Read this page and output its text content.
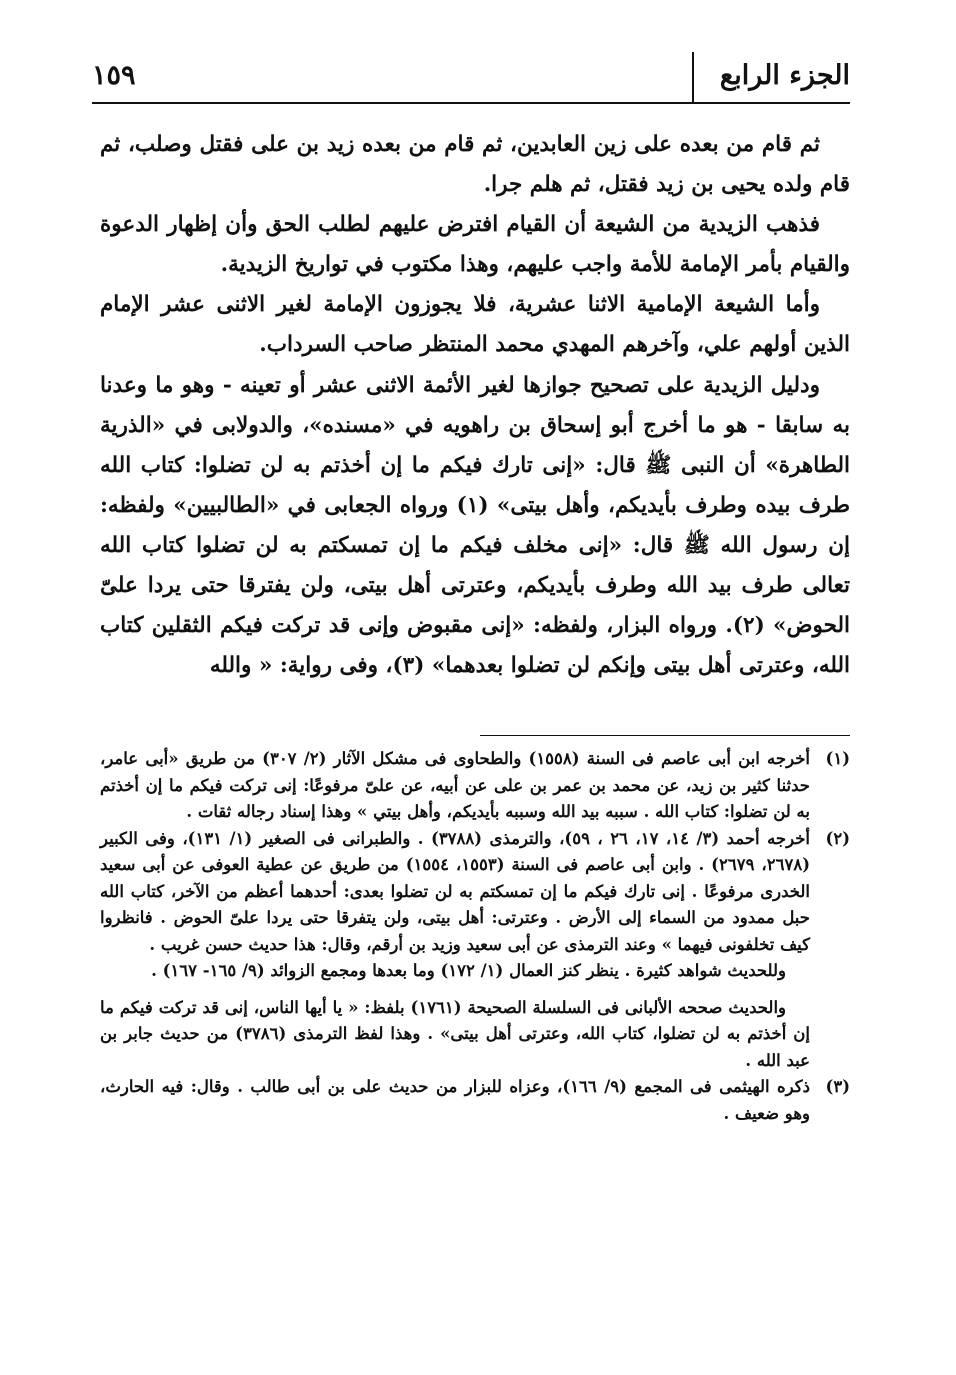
الجزء الرابع
١٥٩

ثم قام من بعده على زين العابدين، ثم قام من بعده زيد بن على فقتل وصلب، ثم قام ولده يحيى بن زيد فقتل، ثم هلم جرا.

فذهب الزيدية من الشيعة أن القيام افترض عليهم لطلب الحق وأن إظهار الدعوة والقيام بأمر الإمامة للأمة واجب عليهم، وهذا مكتوب في تواريخ الزيدية.

وأما الشيعة الإمامية الاثنا عشرية، فلا يجوزون الإمامة لغير الاثنى عشر الإمام الذين أولهم علي، وآخرهم المهدي محمد المنتظر صاحب السرداب.

ودليل الزيدية على تصحيح جوازها لغير الأئمة الاثنى عشر أو تعينه - وهو ما وعدنا به سابقا - هو ما أخرج أبو إسحاق بن راهويه في «مسنده»، والدولابى في «الذرية الطاهرة» أن النبى ﷺ قال: «إنى تارك فيكم ما إن أخذتم به لن تضلوا: كتاب الله طرف بيده وطرف بأيديكم، وأهل بيتى» (١) ورواه الجعابى في «الطالبيين» ولفظه: إن رسول الله ﷺ قال: «إنى مخلف فيكم ما إن تمسكتم به لن تضلوا كتاب الله تعالى طرف بيد الله وطرف بأيديكم، وعترتى أهل بيتى، ولن يفترقا حتى يردا علىّ الحوض» (٢). ورواه البزار، ولفظه: «إنى مقبوض وإنى قد تركت فيكم الثقلين كتاب الله، وعترتى أهل بيتى وإنكم لن تضلوا بعدهما» (٣)، وفى رواية: « والله

(١)

أخرجه ابن أبى عاصم فى السنة (١٥٥٨) والطحاوى فى مشكل الآثار (٢/ ٣٠٧) من طريق «أبى عامر، حدثنا كثير بن زيد، عن محمد بن عمر بن على عن أبيه، عن علىّ مرفوعًا: إنى تركت فيكم ما إن أخذتم به لن تضلوا: كتاب الله . سببه بيد الله وسببه بأيديكم، وأهل بيتي » وهذا إسناد رجاله ثقات .

(٢)

أخرجه أحمد (٣/ ١٤، ١٧، ٢٦ ، ٥٩)، والترمذى (٣٧٨٨) . والطبرانى فى الصغير (١/ ١٣١)، وفى الكبير (٢٦٧٨، ٢٦٧٩) . وابن أبى عاصم فى السنة (١٥٥٣، ١٥٥٤) من طريق عن عطية العوفى عن أبى سعيد الخدرى مرفوعًا . إنى تارك فيكم ما إن تمسكتم به لن تضلوا بعدى: أحدهما أعظم من الآخر، كتاب الله حبل ممدود من السماء إلى الأرض . وعترتى: أهل بيتى، ولن يتفرقا حتى يردا علىّ الحوض . فانظروا كيف تخلفونى فيهما » وعند الترمذى عن أبى سعيد وزيد بن أرقم، وقال: هذا حديث حسن غريب .

وللحديث شواهد كثيرة . ينظر كنز العمال (١/ ١٧٢) وما بعدها ومجمع الزوائد (٩/ ١٦٥- ١٦٧) .

والحديث صححه الألبانى فى السلسلة الصحيحة (١٧٦١) بلفظ: « يا أيها الناس، إنى قد تركت فيكم ما إن أخذتم به لن تضلوا، كتاب الله، وعترتى أهل بيتى» . وهذا لفظ الترمذى (٣٧٨٦) من حديث جابر بن عبد الله .

(٣)

ذكره الهيثمى فى المجمع (٩/ ١٦٦)، وعزاه للبزار من حديث على بن أبى طالب . وقال: فيه الحارث، وهو ضعيف .
